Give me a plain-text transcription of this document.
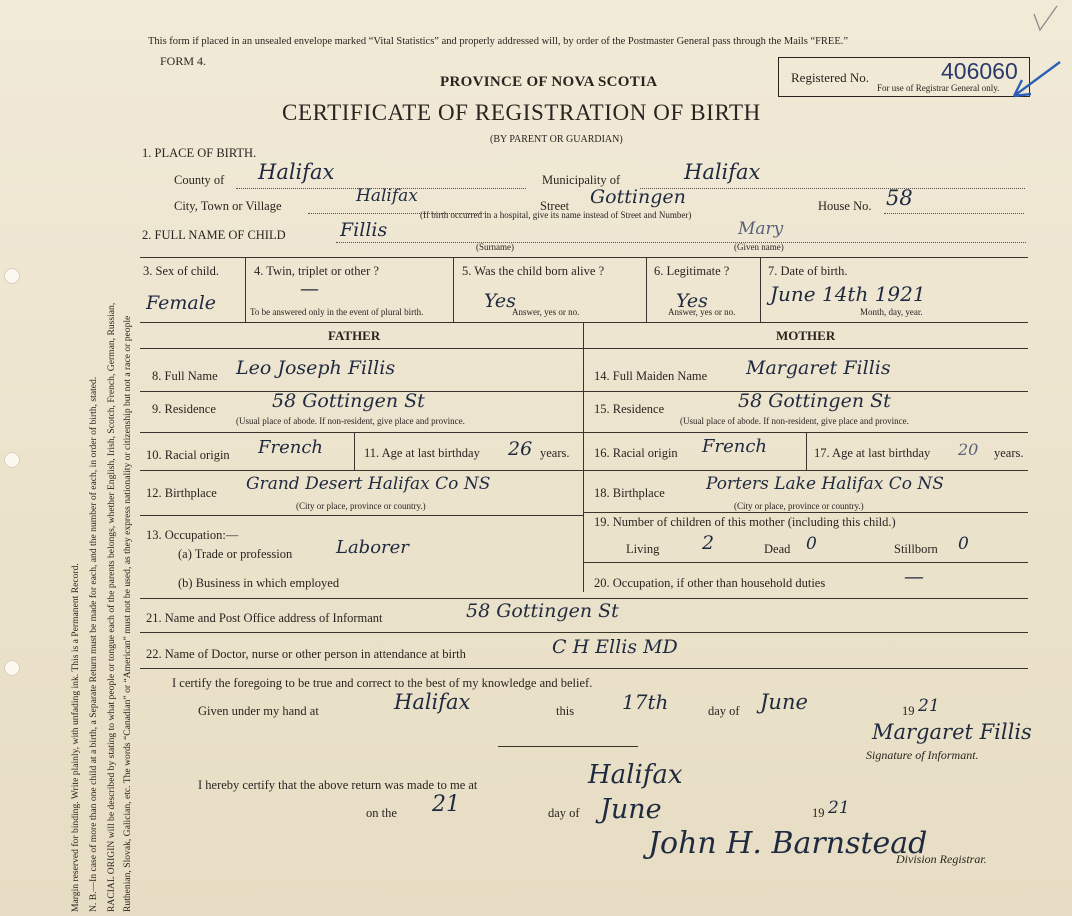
Margin reserved for binding. Write plainly, with unfading ink. This is a Permanent Record. N. B.—In case of more than one child at a birth, a Separate Return must be made for each, and the number of each, in order of birth, stated. RACIAL ORIGIN will be described by stating to what people or tongue each of the parents belongs, whether English, Irish, Scotch, French, German, Russian, Ruthenian, Slovak, Galician, etc. The words “Canadian” or “American” must not be used, as they express nationality or citizenship but not a race or people
This form if placed in an unsealed envelope marked “Vital Statistics” and properly addressed will, by order of the Postmaster General pass through the Mails “FREE.”
FORM 4.
PROVINCE OF NOVA SCOTIA
CERTIFICATE OF REGISTRATION OF BIRTH
(BY PARENT OR GUARDIAN)
Registered No.	406060
For use of Registrar General only.
1. PLACE OF BIRTH.
County of Halifax	Municipality of	Halifax
City, Town or Village	Halifax	Street Gottingen
(If birth occurred in a hospital, give its name instead of Street and Number)
House No. 58
2. FULL NAME OF CHILD	Fillis	Mary
(Surname)	(Given name)
3. Sex of child.
Female
4. Twin, triplet or other ?
—
To be answered only in the event of plural birth.
5. Was the child born alive ?
Yes
Answer, yes or no.
6. Legitimate ?
Yes
Answer, yes or no.
7. Date of birth.
June 14th 1921
Month, day, year.
FATHER	MOTHER
8. Full Name Leo Joseph Fillis
9. Residence	58 Gottingen St
(Usual place of abode. If non-resident, give place and province.
10. Racial origin French	11. Age at last birthday 26 years.
12. Birthplace Grand Desert Halifax Co NS
(City or place, province or country.)
13. Occupation:—
(a) Trade or profession Laborer
(b) Business in which employed
14. Full Maiden Name Margaret Fillis
15. Residence	58 Gottingen St
(Usual place of abode. If non-resident, give place and province.
16. Racial origin French	17. Age at last birthday 20 years.
18. Birthplace Porters Lake Halifax Co NS
(City or place, province or country.)
19. Number of children of this mother (including this child.)
Living 2	Dead 0	Stillborn 0
20. Occupation, if other than household duties	—
21. Name and Post Office address of Informant	58 Gottingen St
22. Name of Doctor, nurse or other person in attendance at birth	C H Ellis MD
I certify the foregoing to be true and correct to the best of my knowledge and belief.
Given under my hand at	Halifax	this 17th	day of June	19 21
Margaret Fillis
Signature of Informant.
I hereby certify that the above return was made to me at	Halifax
on the 21	day of June	19 21
John H. Barnstead
Division Registrar.
